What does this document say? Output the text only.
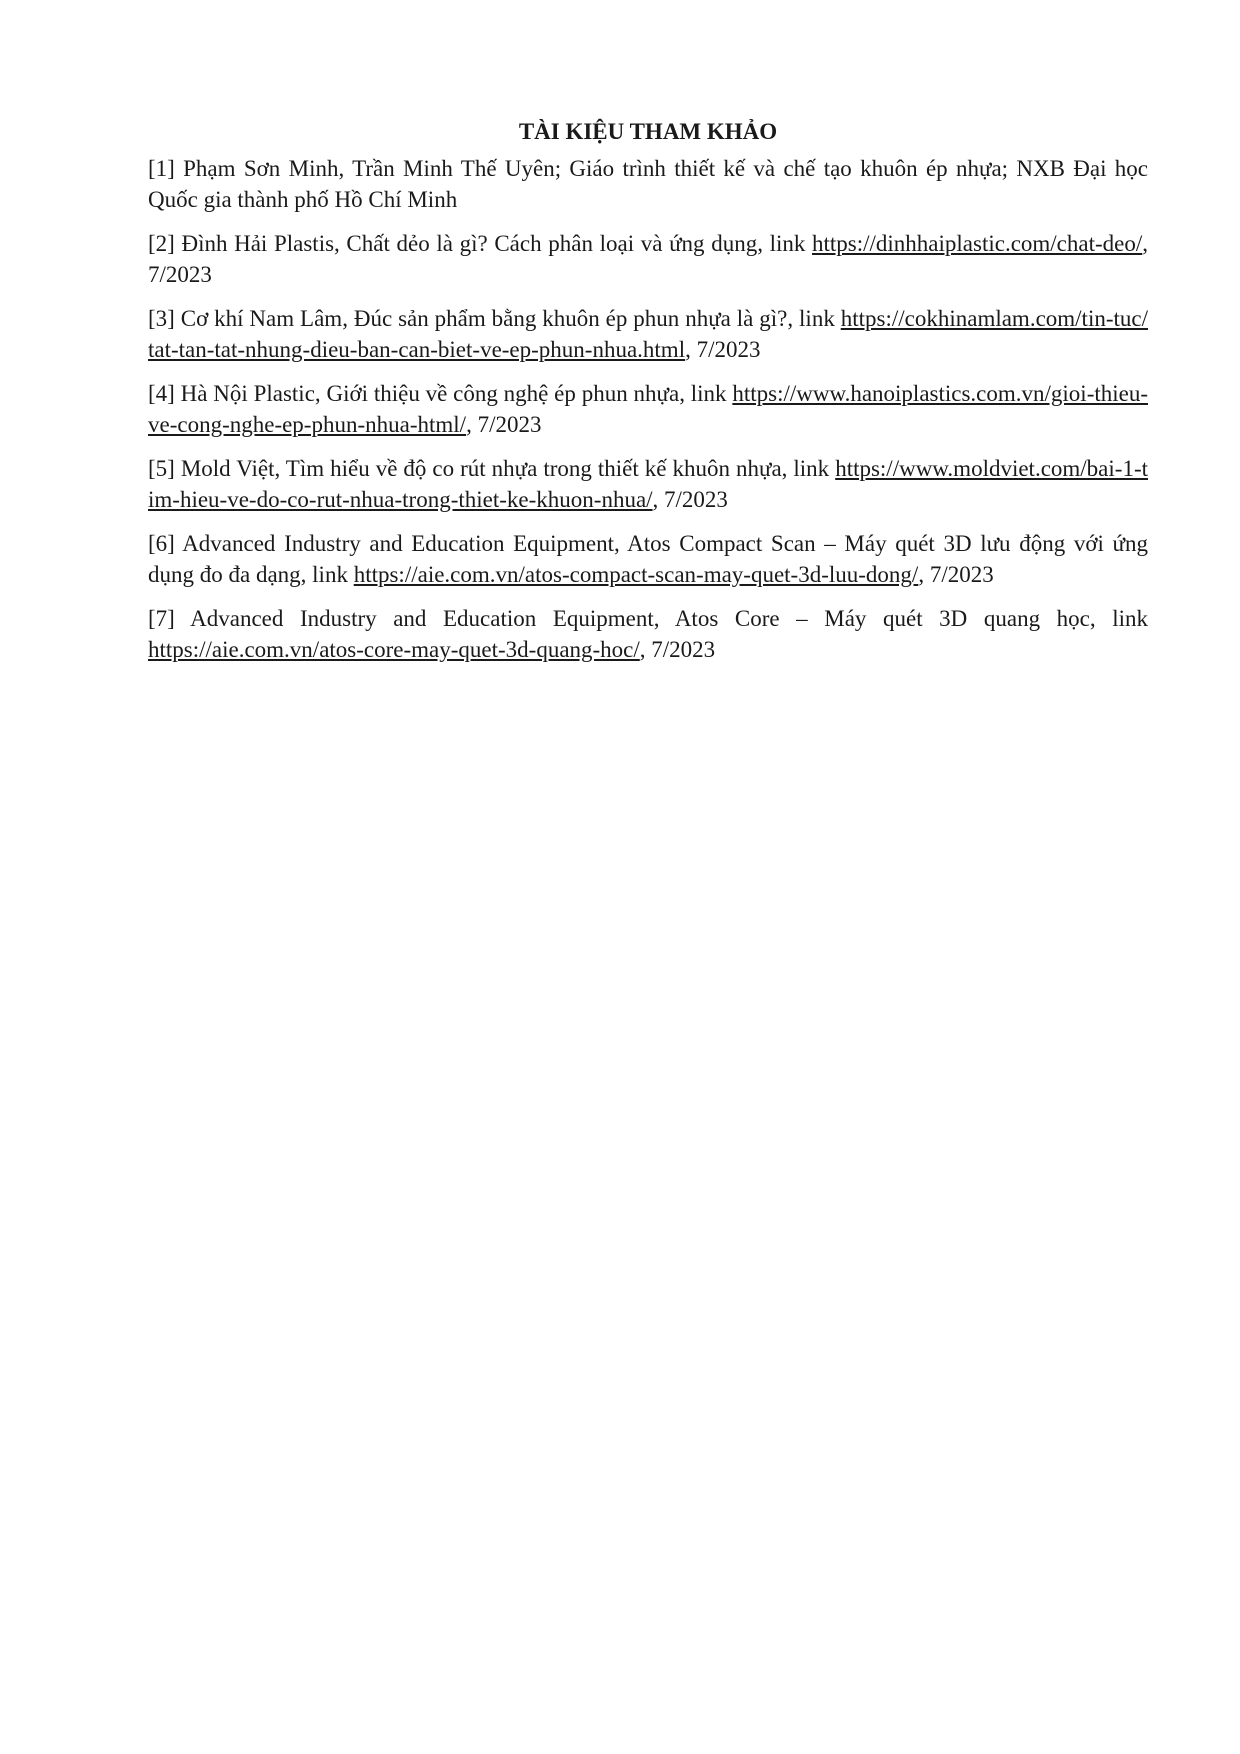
TÀI KIỆU THAM KHẢO

[1] Phạm Sơn Minh, Trần Minh Thế Uyên; Giáo trình thiết kế và chế tạo khuôn ép nhựa; NXB Đại học Quốc gia thành phố Hồ Chí Minh

[2] Đình Hải Plastis, Chất dẻo là gì? Cách phân loại và ứng dụng, link https://dinhhaiplastic.com/chat-deo/, 7/2023

[3] Cơ khí Nam Lâm, Đúc sản phẩm bằng khuôn ép phun nhựa là gì?, link https://cokhinamlam.com/tin-tuc/tat-tan-tat-nhung-dieu-ban-can-biet-ve-ep-phun-nhua.html, 7/2023

[4] Hà Nội Plastic, Giới thiệu về công nghệ ép phun nhựa, link https://www.hanoiplastics.com.vn/gioi-thieu-ve-cong-nghe-ep-phun-nhua-html/, 7/2023

[5] Mold Việt, Tìm hiểu về độ co rút nhựa trong thiết kế khuôn nhựa, link https://www.moldviet.com/bai-1-tim-hieu-ve-do-co-rut-nhua-trong-thiet-ke-khuon-nhua/, 7/2023

[6] Advanced Industry and Education Equipment, Atos Compact Scan – Máy quét 3D lưu động với ứng dụng đo đa dạng, link https://aie.com.vn/atos-compact-scan-may-quet-3d-luu-dong/, 7/2023

[7] Advanced Industry and Education Equipment, Atos Core – Máy quét 3D quang học, link https://aie.com.vn/atos-core-may-quet-3d-quang-hoc/, 7/2023
